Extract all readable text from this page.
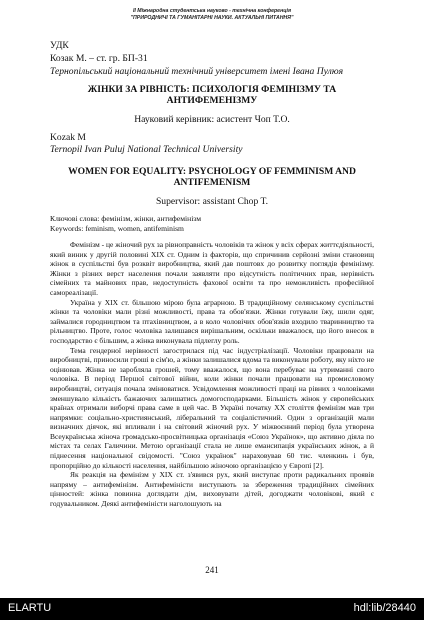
II Міжнародна студентська науково - технічна конференція
"ПРИРОДНИЧІ ТА ГУМАНІТАРНІ НАУКИ. АКТУАЛЬНІ ПИТАННЯ"
УДК
Козак М. – ст. гр. БП-31
Тернопільський національний технічний університет імені Івана Пулюя
ЖІНКИ ЗА РІВНІСТЬ: ПСИХОЛОГІЯ ФЕМІНІЗМУ ТА
АНТИФЕМЕНІЗМУ
Науковий керівник: асистент Чоп Т.О.
Kozak M
Ternopil Ivan Puluj National Technical University
WOMEN FOR EQUALITY: PSYCHOLOGY OF FEMMINISM AND
ANTIFEMENISM
Supervisor: assistant Chop T.
Ключові слова: фемінізм, жінки, антифемінізм
Keywords: feminism, women, antifeminism

Фемінізм - це жіночий рух за рівноправність чоловіків та жінок у всіх сферах життєдіяльності, який виник у другій половині XIX ст. Одним із факторів, що спричинив серйозні зміни становищ жінок в суспільстві був розквіт виробництва, який дав поштовх до розвитку поглядів фемінізму. Жінки з різних верст населення почали заявляти про відсутність політичних прав, нерівність сімейних та майнових прав, недоступність фахової освіти та про неможливість професійної самореалізації.

Україна у XIX ст. більшою мірою була аграрною. В традиційному селянському суспільстві жінки та чоловіки мали різні можливості, права та обов'язки. Жінки готували їжу, шили одяг, займалися городництвом та птахівництвом, а в коло чоловічих обов'язків входило тваринництво та рільництво. Проте, голос чоловіка залишався вирішальним, оскільки вважалося, що його внесок в господарство є більшим, а жінка виконувала підлеглу роль.

Тема гендерної нерівності загострилася під час індустріалізації. Чоловіки працювали на виробництві, приносили гроші в сім'ю, а жінки залишалися вдома та виконували роботу, яку ніхто не оцінював. Жінка не заробляла грошей, тому вважалося, що вона перебуває на утриманні свого чоловіка. В період Першої світової війни, коли жінки почали працювати на промисловому виробництві, ситуація почала змінюватися. Усвідомлення можливості праці на рівних з чоловіками зменшувало кількість бажаючих залишатись домогосподарками. Більшість жінок у європейських країнах отримали виборчі права саме в цей час. В Україні початку XX століття фемінізм мав три напрямки: соціально-християнський, ліберальний та соціалістичний. Один з організацій мали визначних діячок, які впливали і на світовий жіночий рух. У міжвоєнний період була утворена Всеукраїнська жіноча громадсько-просвітницька організація «Союз Українок», що активно діяла по містах та селах Галичини. Метою організації стала не лише емансипація українських жінок, а й піднесення національної свідомості. "Союз українок" нараховував 60 тис. членкинь і був, пропорційно до кількості населення, найбільшою жіночою організацією у Європі [2].

Як реакція на фемінізм у XIX ст. з'явився рух, який виступає проти радикальних проявів напряму – антифемінізм. Антифеміністи виступають за збереження традиційних сімейних цінностей: жінка повинна доглядати дім, виховувати дітей, догоджати чоловікові, який є годувальником. Деякі антифеміністи наголошують на

241
ELARTU	hdl:lib/28440
